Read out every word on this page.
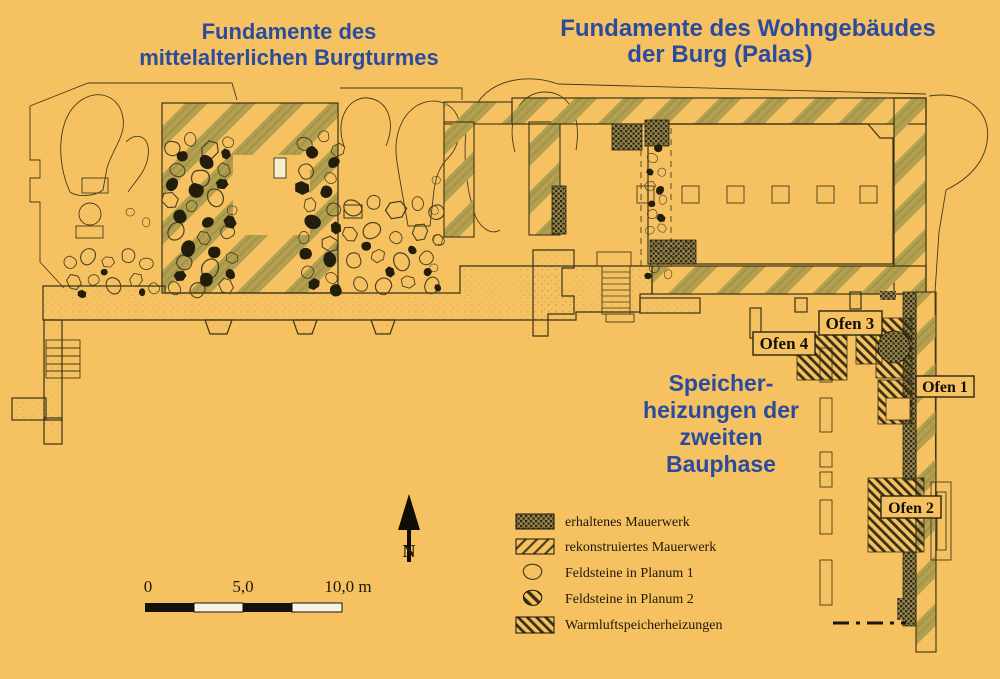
N
0	5,0	10,0 m
erhaltenes Mauerwerk
rekonstruiertes Mauerwerk
Feldsteine in Planum 1
Feldsteine in Planum 2
Warmluftspeicherheizungen
Ofen 4
Ofen 3
Ofen 1
Ofen 2
Fundamente des
mittelalterlichen Burgturmes
Fundamente des Wohngebäudes
der Burg (Palas)
Speicher-
heizungen der
zweiten
Bauphase
